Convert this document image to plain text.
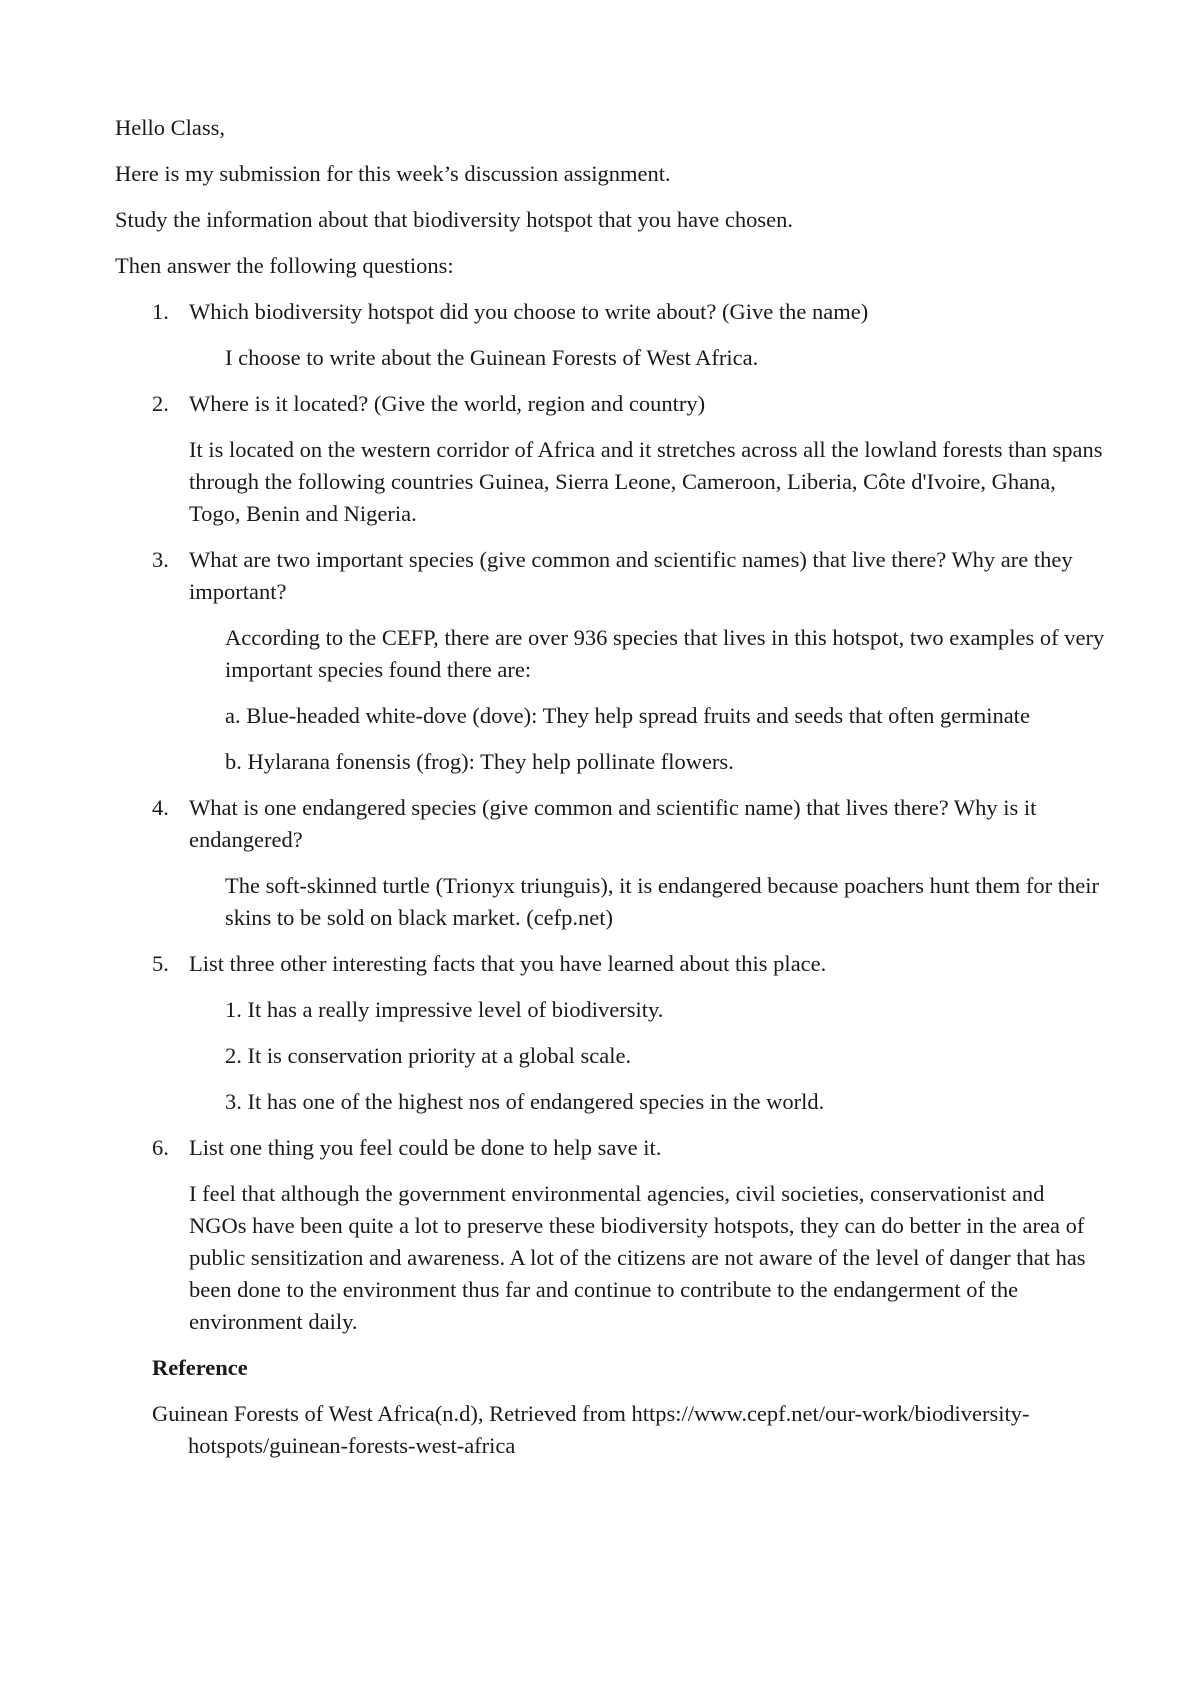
Hello Class,

Here is my submission for this week’s discussion assignment.

Study the information about that biodiversity hotspot that you have chosen.

Then answer the following questions:

1. Which biodiversity hotspot did you choose to write about? (Give the name)

I choose to write about the Guinean Forests of West Africa.

2. Where is it located? (Give the world, region and country)

It is located on the western corridor of Africa and it stretches across all the lowland forests than spans through the following countries Guinea, Sierra Leone, Cameroon, Liberia, Côte d'Ivoire, Ghana, Togo, Benin and Nigeria.

3. What are two important species (give common and scientific names) that live there? Why are they important?

According to the CEFP, there are over 936 species that lives in this hotspot, two examples of very important species found there are:

a. Blue-headed white-dove (dove): They help spread fruits and seeds that often germinate

b. Hylarana fonensis (frog): They help pollinate flowers.

4. What is one endangered species (give common and scientific name) that lives there? Why is it endangered?

The soft-skinned turtle (Trionyx triunguis), it is endangered because poachers hunt them for their skins to be sold on black market. (cefp.net)

5. List three other interesting facts that you have learned about this place.

1. It has a really impressive level of biodiversity.

2. It is conservation priority at a global scale.

3. It has one of the highest nos of endangered species in the world.

6. List one thing you feel could be done to help save it.

I feel that although the government environmental agencies, civil societies, conservationist and NGOs have been quite a lot to preserve these biodiversity hotspots, they can do better in the area of public sensitization and awareness. A lot of the citizens are not aware of the level of danger that has been done to the environment thus far and continue to contribute to the endangerment of the environment daily.

Reference

Guinean Forests of West Africa(n.d), Retrieved from https://www.cepf.net/our-work/biodiversity-hotspots/guinean-forests-west-africa
